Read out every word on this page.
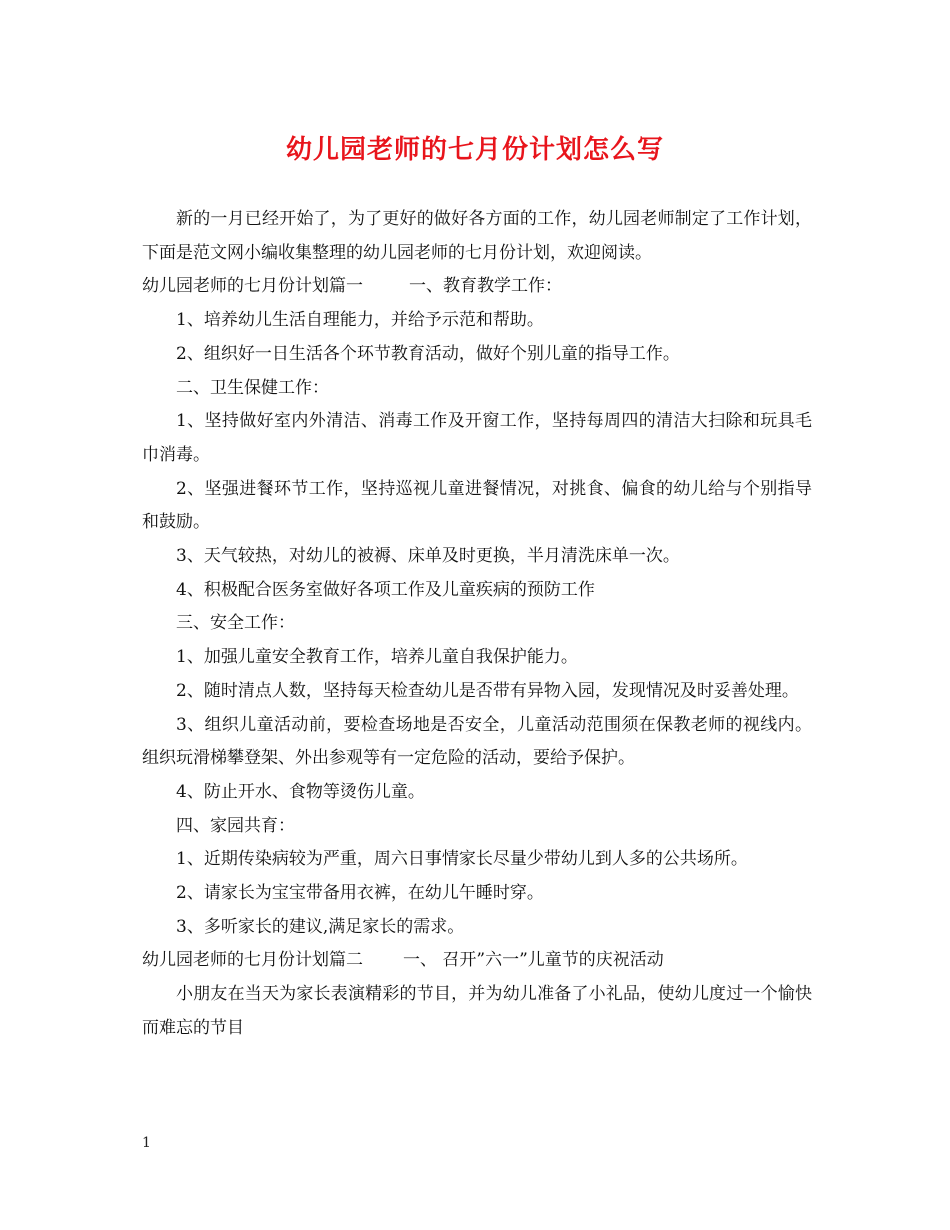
幼儿园老师的七月份计划怎么写

新的一月已经开始了，为了更好的做好各方面的工作，幼儿园老师制定了工作计划，下面是范文网小编收集整理的幼儿园老师的七月份计划，欢迎阅读。

幼儿园老师的七月份计划篇一	一、教育教学工作：

1、培养幼儿生活自理能力，并给予示范和帮助。

2、组织好一日生活各个环节教育活动，做好个别儿童的指导工作。

二、卫生保健工作：

1、坚持做好室内外清洁、消毒工作及开窗工作，坚持每周四的清洁大扫除和玩具毛巾消毒。

2、坚强进餐环节工作，坚持巡视儿童进餐情况，对挑食、偏食的幼儿给与个别指导和鼓励。

3、天气较热，对幼儿的被褥、床单及时更换，半月清洗床单一次。

4、积极配合医务室做好各项工作及儿童疾病的预防工作

三、安全工作：

1、加强儿童安全教育工作，培养儿童自我保护能力。

2、随时清点人数，坚持每天检查幼儿是否带有异物入园，发现情况及时妥善处理。

3、组织儿童活动前，要检查场地是否安全，儿童活动范围须在保教老师的视线内。组织玩滑梯攀登架、外出参观等有一定危险的活动，要给予保护。

4、防止开水、食物等烫伤儿童。

四、家园共育：

1、近期传染病较为严重，周六日事情家长尽量少带幼儿到人多的公共场所。

2、请家长为宝宝带备用衣裤，在幼儿午睡时穿。

3、多听家长的建议,满足家长的需求。

幼儿园老师的七月份计划篇二 一、 召开”六一”儿童节的庆祝活动

小朋友在当天为家长表演精彩的节目，并为幼儿准备了小礼品，使幼儿度过一个愉快而难忘的节目

1
